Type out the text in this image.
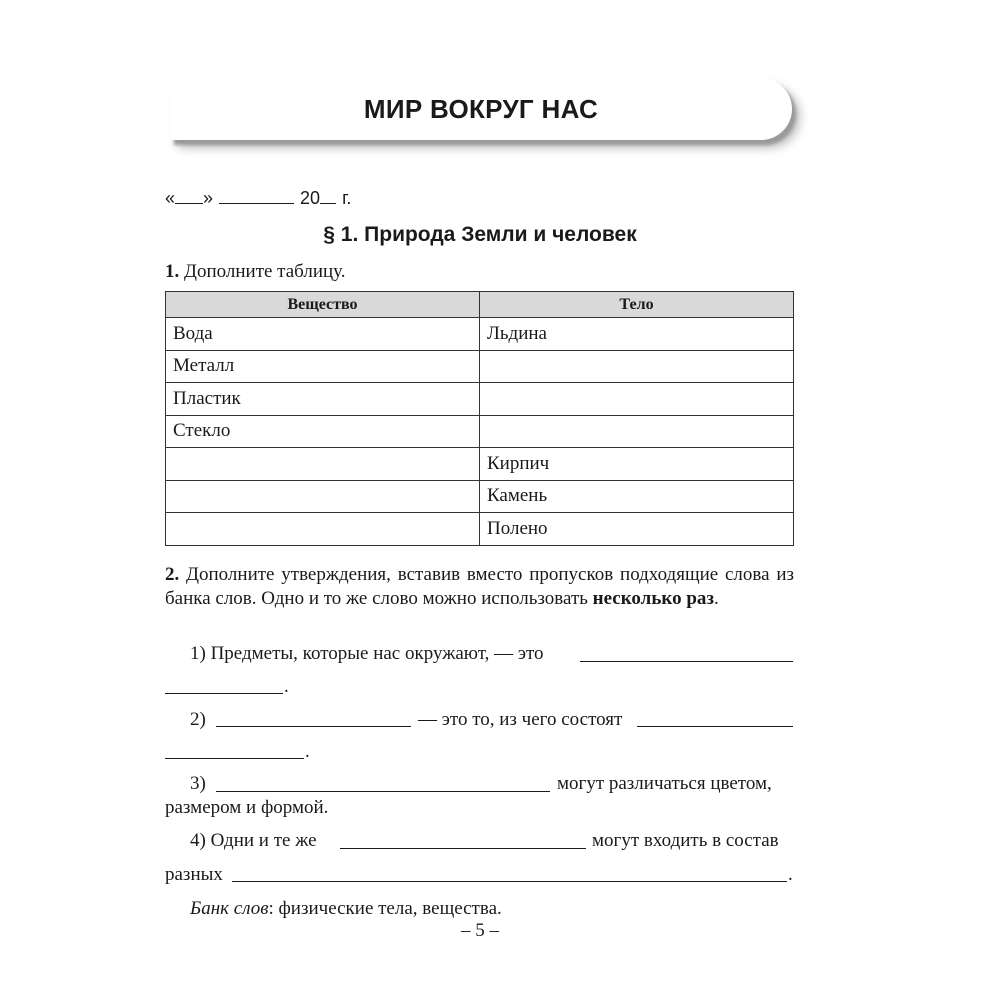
МИР ВОКРУГ НАС
« »	20 г.
§ 1. Природа Земли и человек
1. Дополните таблицу.
Вещество	Тело
Вода	Льдина
Металл	
Пластик	
Стекло	
	Кирпич
	Камень
	Полено
2. Дополните утверждения, вставив вместо пропусков подходящие слова из банка слов. Одно и то же слово можно использовать несколько раз.
1) Предметы, которые нас окружают, — это
.
2)	— это то, из чего состоят
.
3)	могут различаться цветом,
размером и формой.
4) Одни и те же	могут входить в состав
разных	.
Банк слов: физические тела, вещества.
– 5 –
